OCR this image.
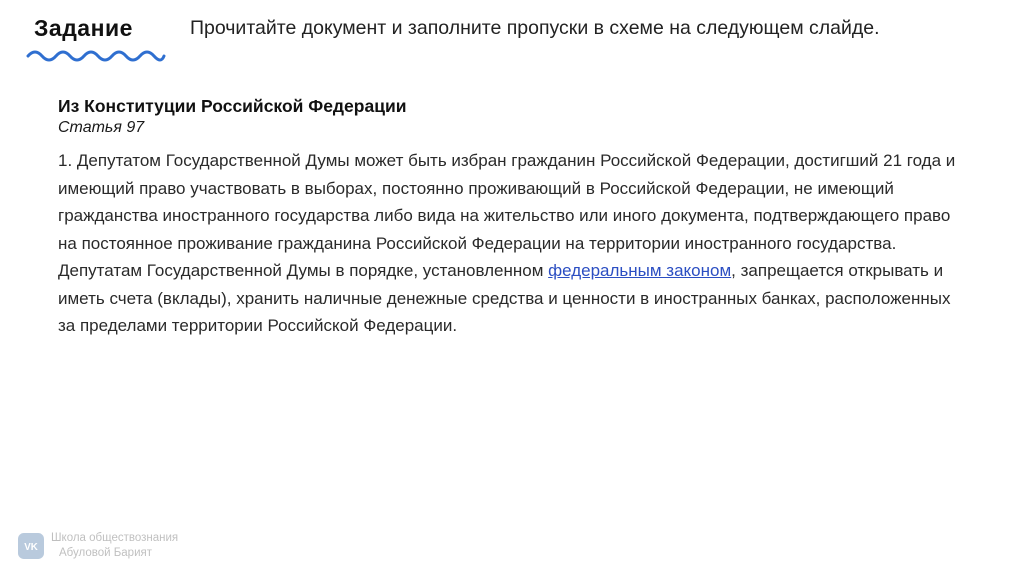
Задание	Прочитайте документ и заполните пропуски в схеме на следующем слайде.
Из Конституции Российской Федерации
Статья 97
1. Депутатом Государственной Думы может быть избран гражданин Российской Федерации, достигший 21 года и имеющий право участвовать в выборах, постоянно проживающий в Российской Федерации, не имеющий гражданства иностранного государства либо вида на жительство или иного документа, подтверждающего право на постоянное проживание гражданина Российской Федерации на территории иностранного государства. Депутатам Государственной Думы в порядке, установленном федеральным законом, запрещается открывать и иметь счета (вклады), хранить наличные денежные средства и ценности в иностранных банках, расположенных за пределами территории Российской Федерации.
VK
Школа обществознания
Абуловой Барият
